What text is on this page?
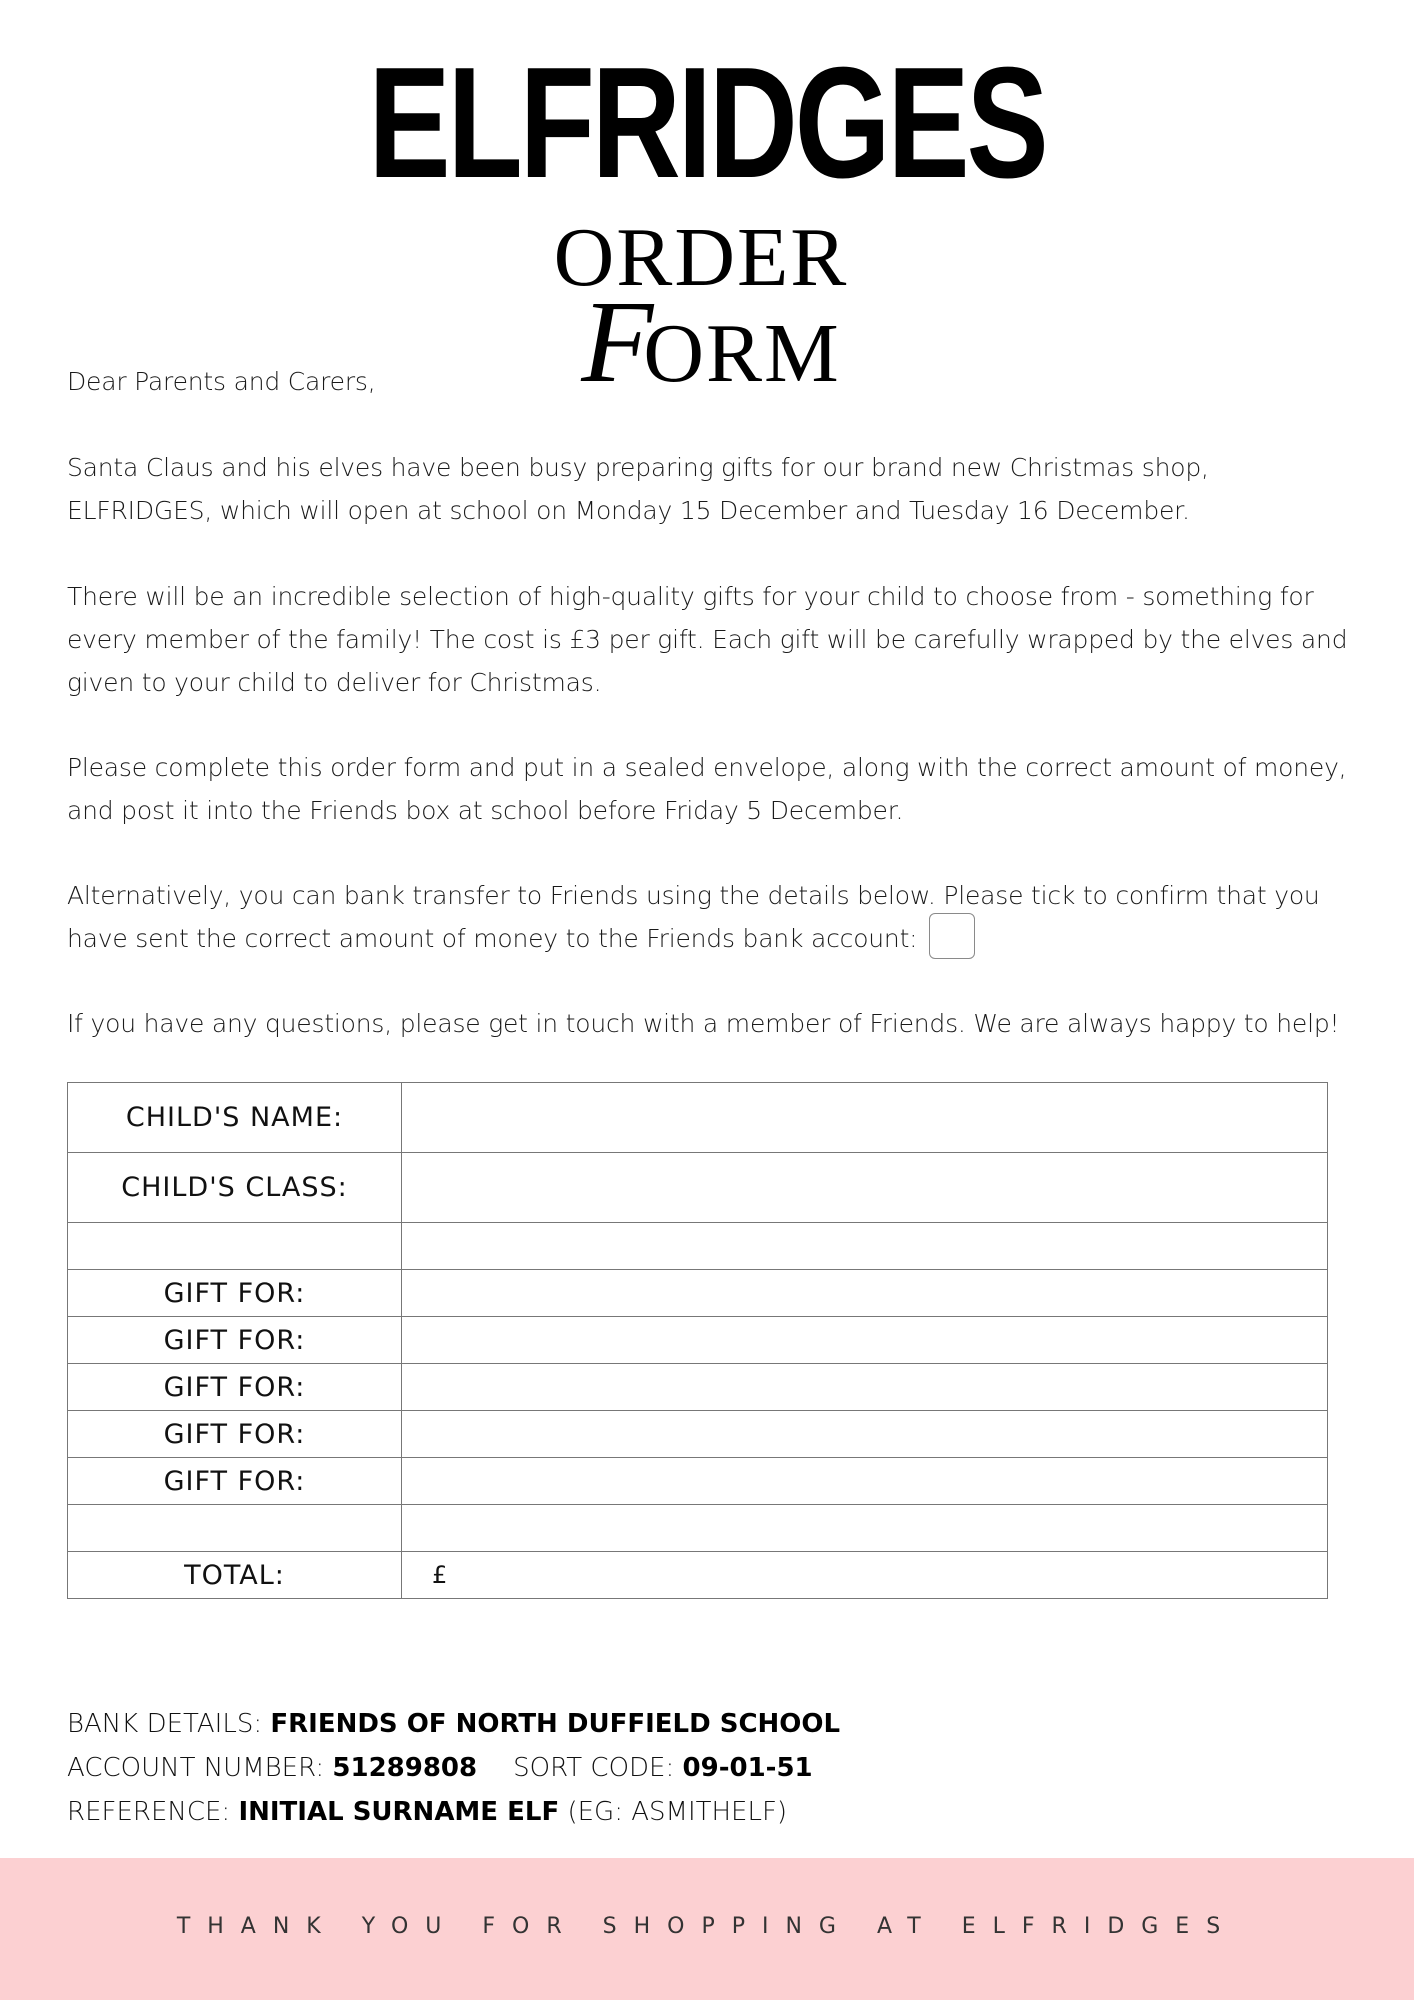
ELFRIDGES
ORDER
FORM
Dear Parents and Carers,
Santa Claus and his elves have been busy preparing gifts for our brand new Christmas shop, ELFRIDGES, which will open at school on Monday 15 December and Tuesday 16 December.
There will be an incredible selection of high-quality gifts for your child to choose from - something for every member of the family! The cost is £3 per gift. Each gift will be carefully wrapped by the elves and given to your child to deliver for Christmas.
Please complete this order form and put in a sealed envelope, along with the correct amount of money, and post it into the Friends box at school before Friday 5 December.
Alternatively, you can bank transfer to Friends using the details below. Please tick to confirm that you have sent the correct amount of money to the Friends bank account:
If you have any questions, please get in touch with a member of Friends. We are always happy to help!
CHILD'S NAME:	
CHILD'S CLASS:	

GIFT FOR:	
GIFT FOR:	
GIFT FOR:	
GIFT FOR:	
GIFT FOR:	

TOTAL:	£
BANK DETAILS: FRIENDS OF NORTH DUFFIELD SCHOOL
ACCOUNT NUMBER: 51289808 SORT CODE: 09-01-51
REFERENCE: INITIAL SURNAME ELF (EG: ASMITHELF)
THANK YOU FOR SHOPPING AT ELFRIDGES
